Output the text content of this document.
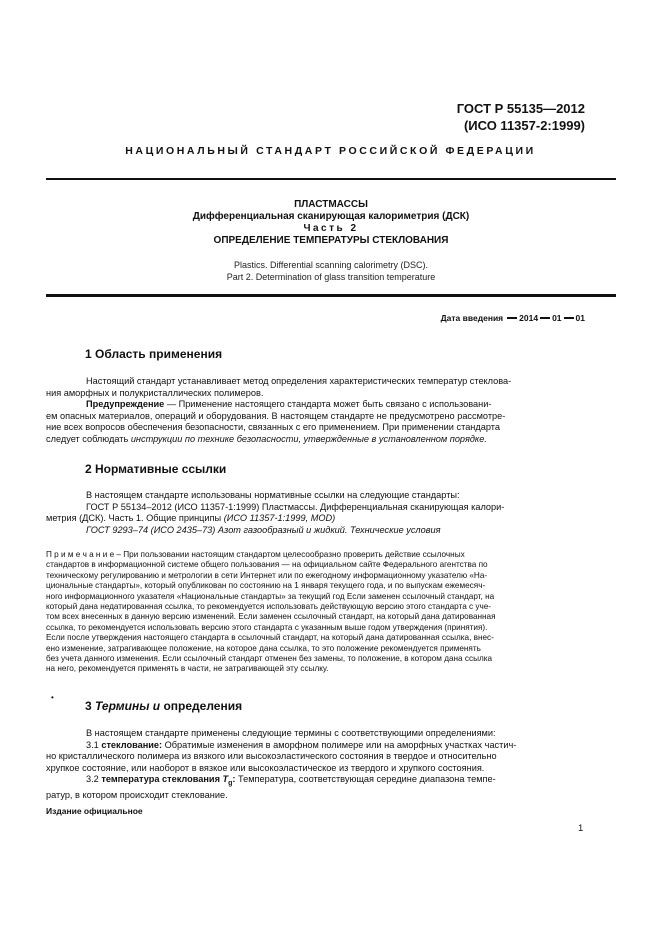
ГОСТ Р 55135—2012
(ИСО 11357-2:1999)
НАЦИОНАЛЬНЫЙ СТАНДАРТ РОССИЙСКОЙ ФЕДЕРАЦИИ
ПЛАСТМАССЫ
Дифференциальная сканирующая калориметрия (ДСК)
Часть 2
ОПРЕДЕЛЕНИЕ ТЕМПЕРАТУРЫ СТЕКЛОВАНИЯ
Plastics. Differential scanning calorimetry (DSC).
Part 2. Determination of glass transition temperature
Дата введения 2014 01 01
1 Область применения
Настоящий стандарт устанавливает метод определения характеристических температур стеклова-
ния аморфных и полукристаллических полимеров.
Предупреждение — Применение настоящего стандарта может быть связано с использовани-
ем опасных материалов, операций и оборудования. В настоящем стандарте не предусмотрено рассмотре-
ние всех вопросов обеспечения безопасности, связанных с его применением. При применении стандарта
следует соблюдать инструкции по технике безопасности, утвержденные в установленном порядке.
2 Нормативные ссылки
В настоящем стандарте использованы нормативные ссылки на следующие стандарты:
ГОСТ Р 55134–2012 (ИСО 11357-1:1999) Пластмассы. Дифференциальная сканирующая калори-
метрия (ДСК). Часть 1. Общие принципы (ИСО 11357-1:1999, MOD)
ГОСТ 9293–74 (ИСО 2435–73) Азот газообразный и жидкий. Технические условия
П р и м е ч а н и е – При пользовании настоящим стандартом целесообразно проверить действие ссылочных
стандартов в информационной системе общего пользования — на официальном сайте Федерального агентства по
техническому регулированию и метрологии в сети Интернет или по ежегодному информационному указателю «На-
циональные стандарты», который опубликован по состоянию на 1 января текущего года, и по выпускам ежемесяч-
ного информационного указателя «Национальные стандарты» за текущий год Если заменен ссылочный стандарт, на
который дана недатированная ссылка, то рекомендуется использовать действующую версию этого стандарта с уче-
том всех внесенных в данную версию изменений. Если заменен ссылочный стандарт, на который дана датированная
ссылка, то рекомендуется использовать версию этого стандарта с указанным выше годом утверждения (принятия).
Если после утверждения настоящего стандарта в ссылочный стандарт, на который дана датированная ссылка, внес-
ено изменение, затрагивающее положение, на которое дана ссылка, то это положение рекомендуется применять
без учета данного изменения. Если ссылочный стандарт отменен без замены, то положение, в котором дана ссылка
на него, рекомендуется применять в части, не затрагивающей эту ссылку.
•
3 Термины и определения
В настоящем стандарте применены следующие термины с соответствующими определениями:
3.1 стеклование: Обратимые изменения в аморфном полимере или на аморфных участках частич-
но кристаллического полимера из вязкого или высокоэластического состояния в твердое и относительно
хрупкое состояние, или наоборот в вязкое или высокоэластическое из твердого и хрупкого состояния.
3.2 температура стеклования $T_g$: Температура, соответствующая середине диапазона темпе-
ратур, в котором происходит стеклование.
Издание официальное
1
